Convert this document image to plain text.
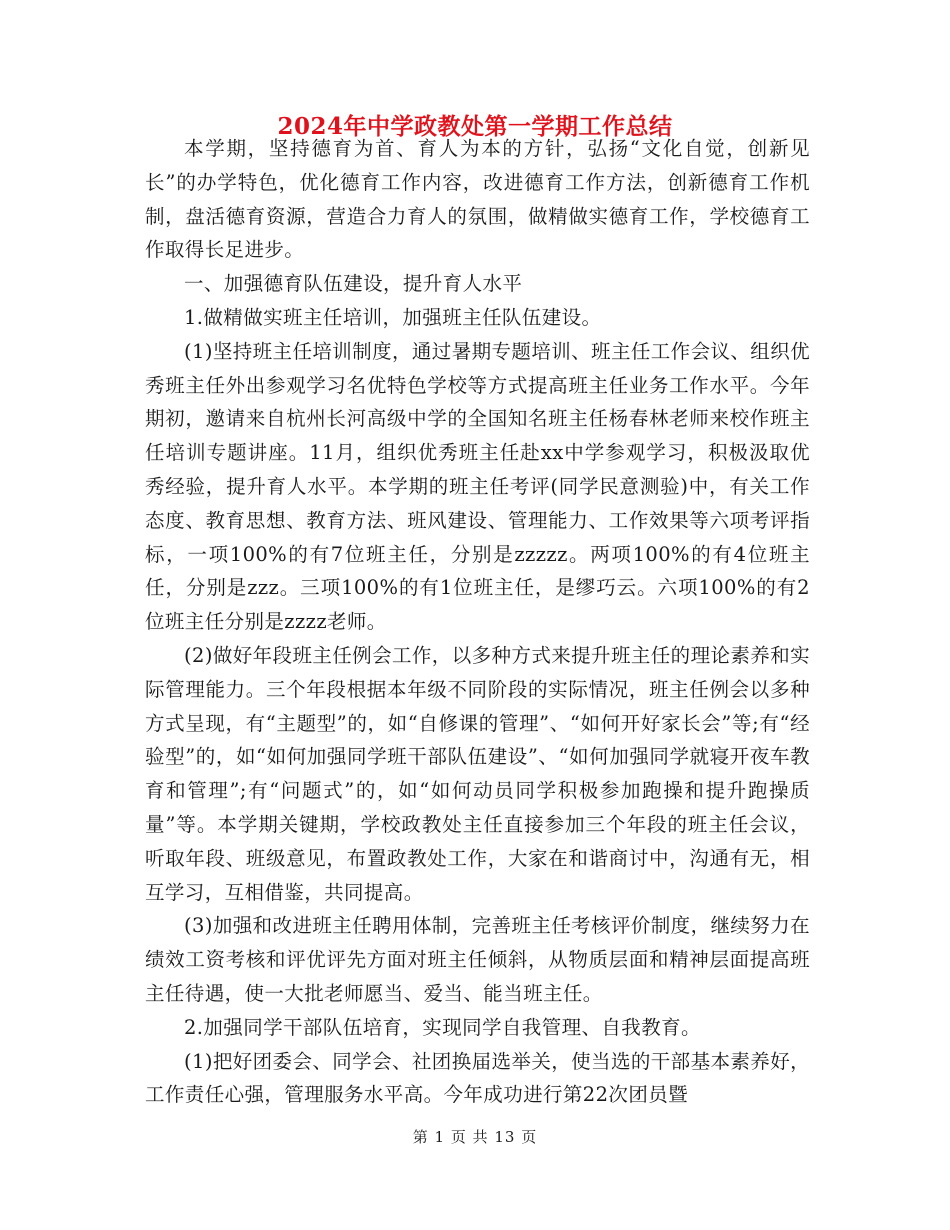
2024年中学政教处第一学期工作总结

本学期，坚持德育为首、育人为本的方针，弘扬“文化自觉，创新见长”的办学特色，优化德育工作内容，改进德育工作方法，创新德育工作机制，盘活德育资源，营造合力育人的氛围，做精做实德育工作，学校德育工作取得长足进步。

一、加强德育队伍建设，提升育人水平

1.做精做实班主任培训，加强班主任队伍建设。

(1)坚持班主任培训制度，通过暑期专题培训、班主任工作会议、组织优秀班主任外出参观学习名优特色学校等方式提高班主任业务工作水平。今年期初，邀请来自杭州长河高级中学的全国知名班主任杨春林老师来校作班主任培训专题讲座。11月，组织优秀班主任赴xx中学参观学习，积极汲取优秀经验，提升育人水平。本学期的班主任考评(同学民意测验)中，有关工作态度、教育思想、教育方法、班风建设、管理能力、工作效果等六项考评指标，一项100%的有7位班主任，分别是zzzzz。两项100%的有4位班主任，分别是zzz。三项100%的有1位班主任，是缪巧云。六项100%的有2位班主任分别是zzzz老师。

(2)做好年段班主任例会工作，以多种方式来提升班主任的理论素养和实际管理能力。三个年段根据本年级不同阶段的实际情况，班主任例会以多种方式呈现，有“主题型”的，如“自修课的管理”、“如何开好家长会”等;有“经验型”的，如“如何加强同学班干部队伍建设”、“如何加强同学就寝开夜车教育和管理”;有“问题式”的，如“如何动员同学积极参加跑操和提升跑操质量”等。本学期关键期，学校政教处主任直接参加三个年段的班主任会议，听取年段、班级意见，布置政教处工作，大家在和谐商讨中，沟通有无，相互学习，互相借鉴，共同提高。

(3)加强和改进班主任聘用体制，完善班主任考核评价制度，继续努力在绩效工资考核和评优评先方面对班主任倾斜，从物质层面和精神层面提高班主任待遇，使一大批老师愿当、爱当、能当班主任。

2.加强同学干部队伍培育，实现同学自我管理、自我教育。

(1)把好团委会、同学会、社团换届选举关，使当选的干部基本素养好，工作责任心强，管理服务水平高。今年成功进行第22次团员暨

第 1 页 共 13 页
